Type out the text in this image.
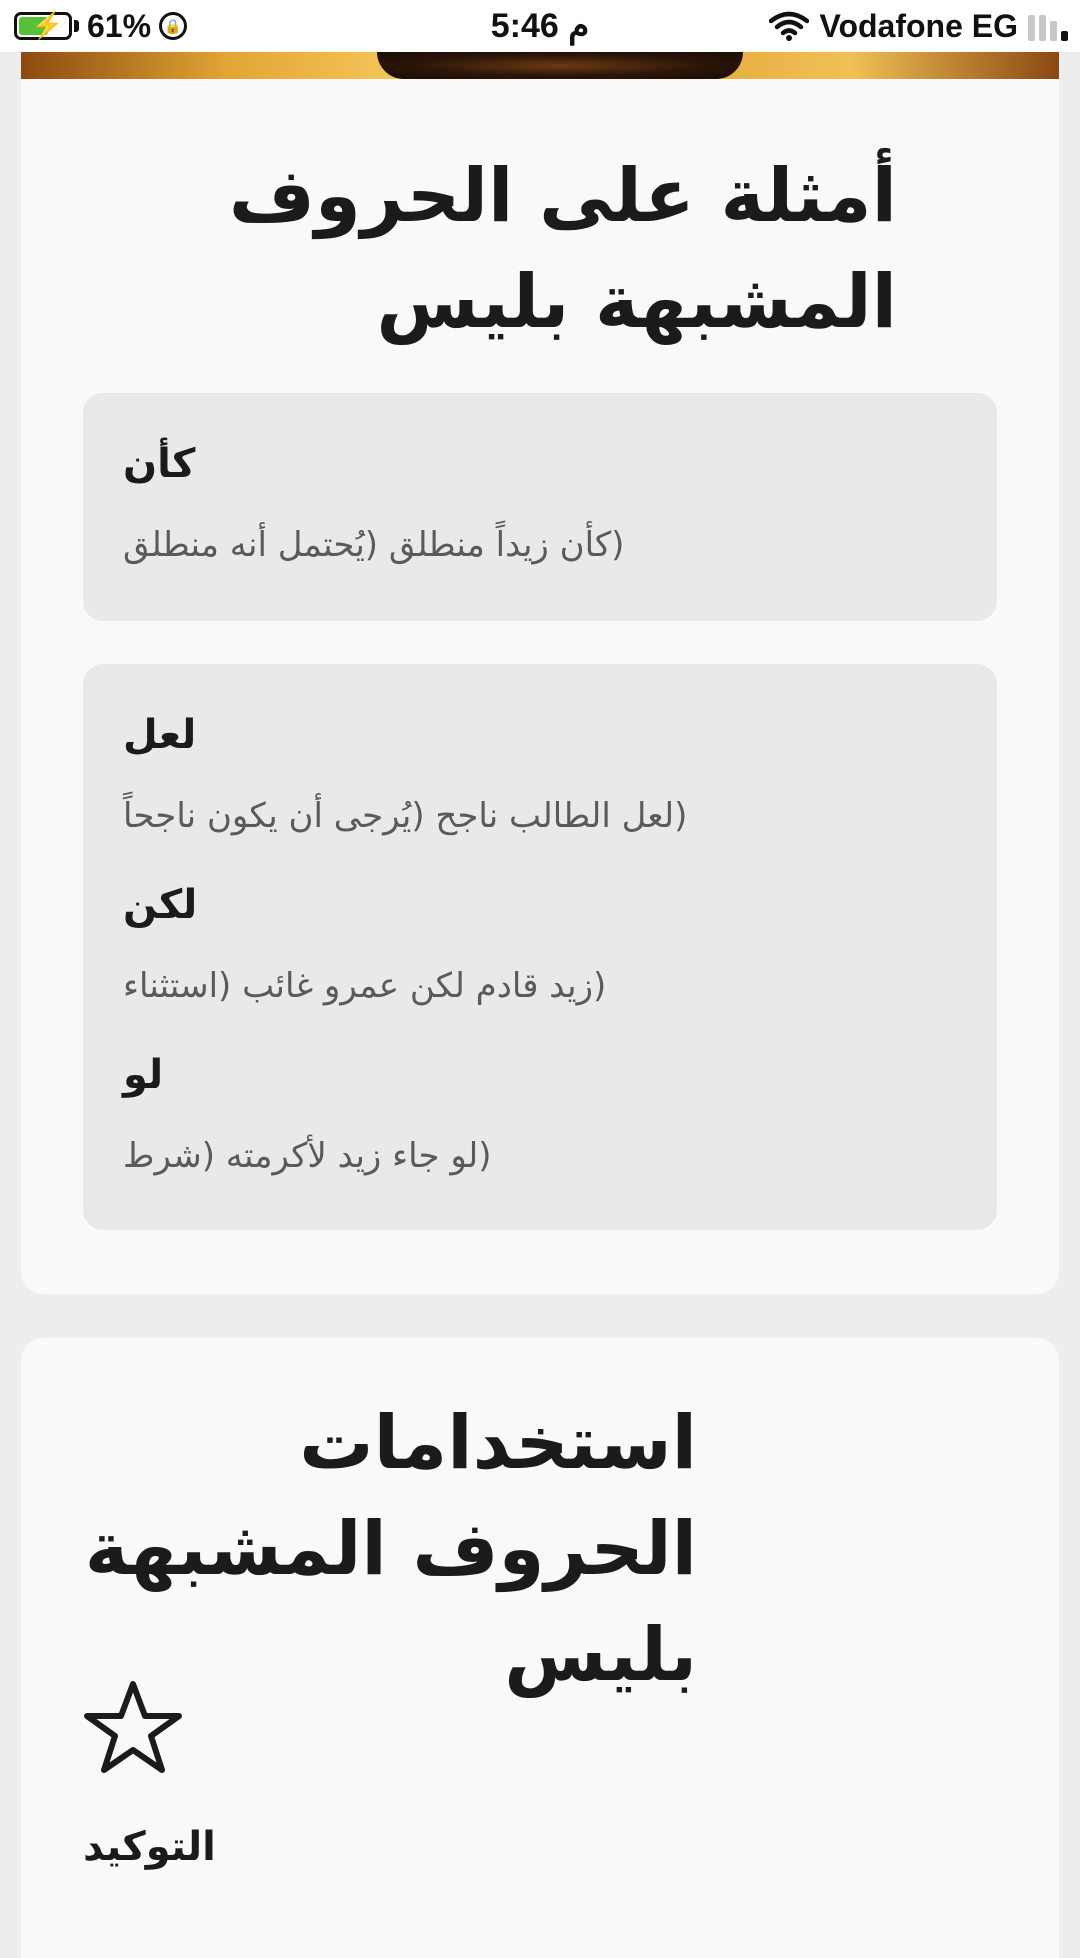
⚡ 61% 🔒	5:46 م	Vodafone EG
أمثلة على الحروف المشبهة بليس
كأن
(كأن زيداً منطلق (يُحتمل أنه منطلق
لعل
(لعل الطالب ناجح (يُرجى أن يكون ناجحاً
لكن
(زيد قادم لكن عمرو غائب (استثناء
لو
(لو جاء زيد لأكرمته (شرط
استخدامات الحروف المشبهة بليس
التوكيد
